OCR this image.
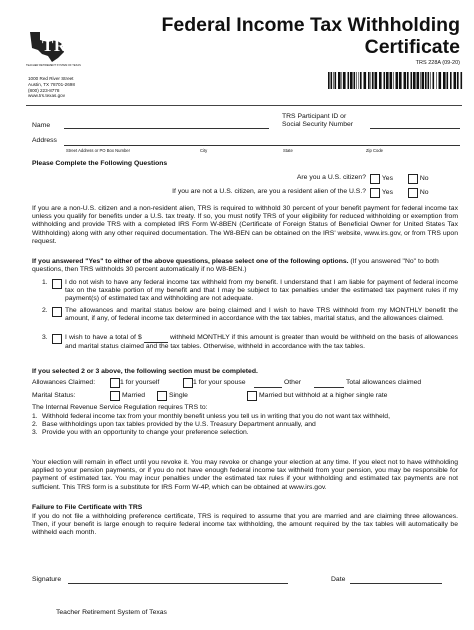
TRS
TEACHER RETIREMENT SYSTEM OF TEXAS
Federal Income Tax Withholding
Certificate
TRS 228A (09-20)
1000 Red River Street
Austin, TX 78701-2698
(800) 223-8778
www.trs.texas.gov
Name
TRS Participant ID or
Social Security Number
Address
Street Address or PO Box Number	City	State	Zip Code
Please Complete the Following Questions
Are you a U.S. citizen?
Yes
	No
If you are not a U.S. citizen, are you a resident alien of the U.S.?
Yes
	No
If you are a non-U.S. citizen and a non-resident alien, TRS is required to withhold 30 percent of your benefit payment for federal income tax unless you qualify for benefits under a U.S. tax treaty. If so, you must notify TRS of your eligibility for reduced withholding or exemption from withholding and provide TRS with a completed IRS Form W-8BEN (Certificate of Foreign Status of Beneficial Owner for United States Tax Withholding) along with any other required documentation. The W8-BEN can be obtained on the IRS' website, www.irs.gov, or from TRS upon request.
If you answered "Yes" to either of the above questions, please select one of the following options. (If you answered "No" to both questions, then TRS withholds 30 percent automatically if no W8-BEN.)
1.	I do not wish to have any federal income tax withheld from my benefit. I understand that I am liable for payment of federal income tax on the taxable portion of my benefit and that I may be subject to tax penalties under the estimated tax payment rules if my payment(s) of estimated tax and withholding are not adequate.
2.	The allowances and marital status below are being claimed and I wish to have TRS withhold from my MONTHLY benefit the amount, if any, of federal income tax determined in accordance with the tax tables, marital status, and the allowances claimed.
3.	I wish to have a total of $	withheld MONTHLY if this amount is greater than would be withheld on the basis of allowances and marital status claimed and the tax tables. Otherwise, withheld in accordance with the tax tables.
If you selected 2 or 3 above, the following section must be completed.
Allowances Claimed:	1 for yourself	1 for your spouse
	Other
	Total allowances claimed
Marital Status:	Married	Single	Married but withhold at a higher single rate
The Internal Revenue Service Regulation requires TRS to:
1. Withhold federal income tax from your monthly benefit unless you tell us in writing that you do not want tax withheld,
2. Base withholdings upon tax tables provided by the U.S. Treasury Department annually, and
3. Provide you with an opportunity to change your preference selection.
Your election will remain in effect until you revoke it. You may revoke or change your election at any time. If you elect not to have withholding applied to your pension payments, or if you do not have enough federal income tax withheld from your pension, you may be responsible for payment of estimated tax. You may incur penalties under the estimated tax rules if your withholding and estimated tax payments are not sufficient. This TRS form is a substitute for IRS Form W-4P, which can be obtained at www.irs.gov.
Failure to File Certificate with TRS
If you do not file a withholding preference certificate, TRS is required to assume that you are married and are claiming three allowances. Then, if your benefit is large enough to require federal income tax withholding, the amount required by the tax tables will automatically be withheld each month.
Signature	Date
Teacher Retirement System of Texas
